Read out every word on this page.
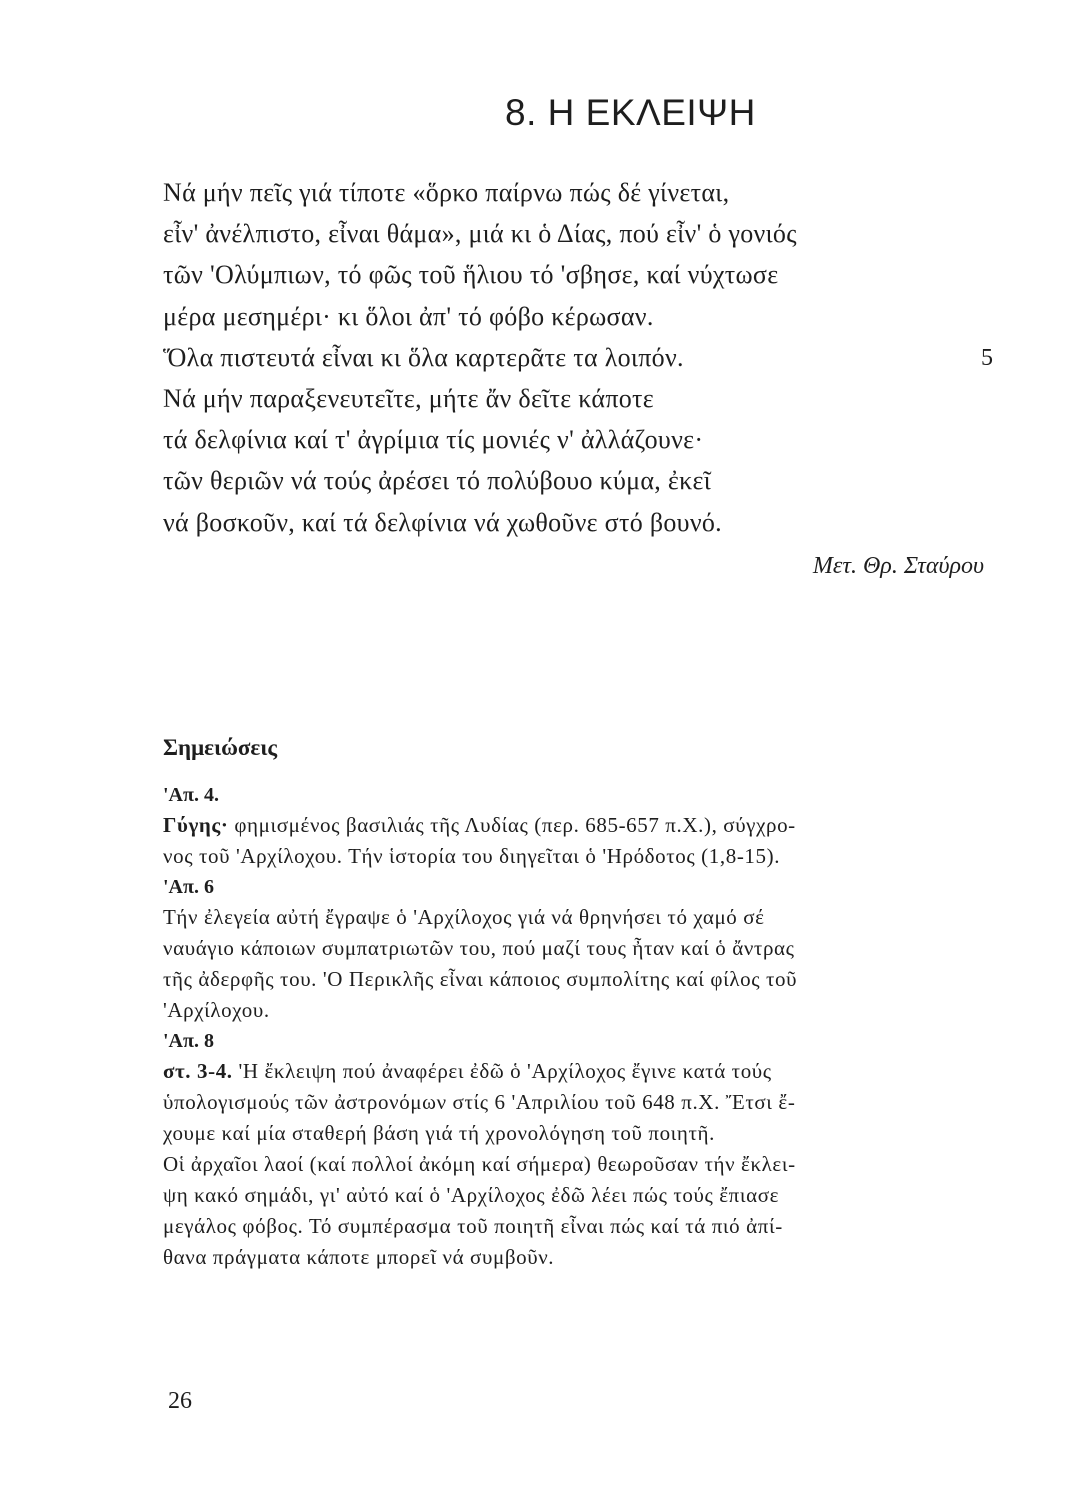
8. Η ΕΚΛΕΙΨΗ
Νά μήν πεῖς γιά τίποτε «ὅρκο παίρνω πώς δέ γίνεται,
εἶν' ἀνέλπιστο, εἶναι θάμα», μιά κι ὁ Δίας, πού εἶν' ὁ γονιός
τῶν 'Ολύμπιων, τό φῶς τοῦ ἥλιου τό 'σβησε, καί νύχτωσε
μέρα μεσημέρι· κι ὅλοι ἀπ' τό φόβο κέρωσαν.
Ὅλα πιστευτά εἶναι κι ὅλα καρτερᾶτε τα λοιπόν.	5
Νά μήν παραξενευτεῖτε, μήτε ἄν δεῖτε κάποτε
τά δελφίνια καί τ' ἀγρίμια τίς μονιές ν' ἀλλάζουνε·
τῶν θεριῶν νά τούς ἀρέσει τό πολύβουο κύμα, ἐκεῖ
νά βοσκοῦν, καί τά δελφίνια νά χωθοῦνε στό βουνό.
Μετ. Θρ. Σταύρου
Σημειώσεις
'Απ. 4.
Γύγης· φημισμένος βασιλιάς τῆς Λυδίας (περ. 685-657 π.Χ.), σύγχρο-
νος τοῦ 'Αρχίλοχου. Τήν ἱστορία του διηγεῖται ὁ 'Ηρόδοτος (1,8-15).
'Απ. 6
Τήν ἐλεγεία αὐτή ἔγραψε ὁ 'Αρχίλοχος γιά νά θρηνήσει τό χαμό σέ
ναυάγιο κάποιων συμπατριωτῶν του, πού μαζί τους ἦταν καί ὁ ἄντρας
τῆς ἀδερφῆς του. 'Ο Περικλῆς εἶναι κάποιος συμπολίτης καί φίλος τοῦ
'Αρχίλοχου.
'Απ. 8
στ. 3-4. 'Η ἔκλειψη πού ἀναφέρει ἐδῶ ὁ 'Αρχίλοχος ἔγινε κατά τούς
ὑπολογισμούς τῶν ἀστρονόμων στίς 6 'Απριλίου τοῦ 648 π.Χ. Ἔτσι ἔ-
χουμε καί μία σταθερή βάση γιά τή χρονολόγηση τοῦ ποιητῆ.
Οἱ ἀρχαῖοι λαοί (καί πολλοί ἀκόμη καί σήμερα) θεωροῦσαν τήν ἔκλει-
ψη κακό σημάδι, γι' αὐτό καί ὁ 'Αρχίλοχος ἐδῶ λέει πώς τούς ἔπιασε
μεγάλος φόβος. Τό συμπέρασμα τοῦ ποιητῆ εἶναι πώς καί τά πιό ἀπί-
θανα πράγματα κάποτε μπορεῖ νά συμβοῦν.
26
